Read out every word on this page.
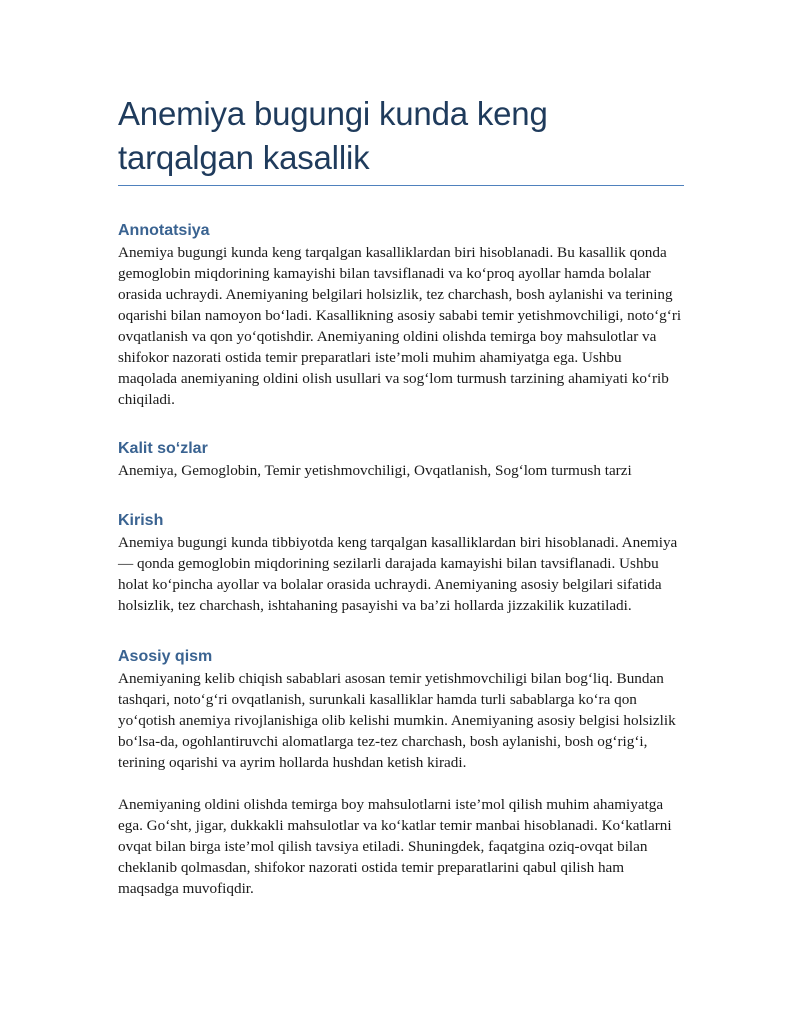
Anemiya bugungi kunda keng tarqalgan kasallik
Annotatsiya

Anemiya bugungi kunda keng tarqalgan kasalliklardan biri hisoblanadi. Bu kasallik qonda gemoglobin miqdorining kamayishi bilan tavsiflanadi va ko‘proq ayollar hamda bolalar orasida uchraydi. Anemiyaning belgilari holsizlik, tez charchash, bosh aylanishi va terining oqarishi bilan namoyon bo‘ladi. Kasallikning asosiy sababi temir yetishmovchiligi, noto‘g‘ri ovqatlanish va qon yo‘qotishdir. Anemiyaning oldini olishda temirga boy mahsulotlar va shifokor nazorati ostida temir preparatlari iste’moli muhim ahamiyatga ega. Ushbu maqolada anemiyaning oldini olish usullari va sog‘lom turmush tarzining ahamiyati ko‘rib chiqiladi.

Kalit so‘zlar

Anemiya, Gemoglobin, Temir yetishmovchiligi, Ovqatlanish, Sog‘lom turmush tarzi

Kirish

Anemiya bugungi kunda tibbiyotda keng tarqalgan kasalliklardan biri hisoblanadi. Anemiya — qonda gemoglobin miqdorining sezilarli darajada kamayishi bilan tavsiflanadi. Ushbu holat ko‘pincha ayollar va bolalar orasida uchraydi. Anemiyaning asosiy belgilari sifatida holsizlik, tez charchash, ishtahaning pasayishi va ba’zi hollarda jizzakilik kuzatiladi.

Asosiy qism

Anemiyaning kelib chiqish sabablari asosan temir yetishmovchiligi bilan bog‘liq. Bundan tashqari, noto‘g‘ri ovqatlanish, surunkali kasalliklar hamda turli sabablarga ko‘ra qon yo‘qotish anemiya rivojlanishiga olib kelishi mumkin. Anemiyaning asosiy belgisi holsizlik bo‘lsa-da, ogohlantiruvchi alomatlarga tez-tez charchash, bosh aylanishi, bosh og‘rig‘i, terining oqarishi va ayrim hollarda hushdan ketish kiradi.

Anemiyaning oldini olishda temirga boy mahsulotlarni iste’mol qilish muhim ahamiyatga ega. Go‘sht, jigar, dukkakli mahsulotlar va ko‘katlar temir manbai hisoblanadi. Ko‘katlarni ovqat bilan birga iste’mol qilish tavsiya etiladi. Shuningdek, faqatgina oziq-ovqat bilan cheklanib qolmasdan, shifokor nazorati ostida temir preparatlarini qabul qilish ham maqsadga muvofiqdir.
